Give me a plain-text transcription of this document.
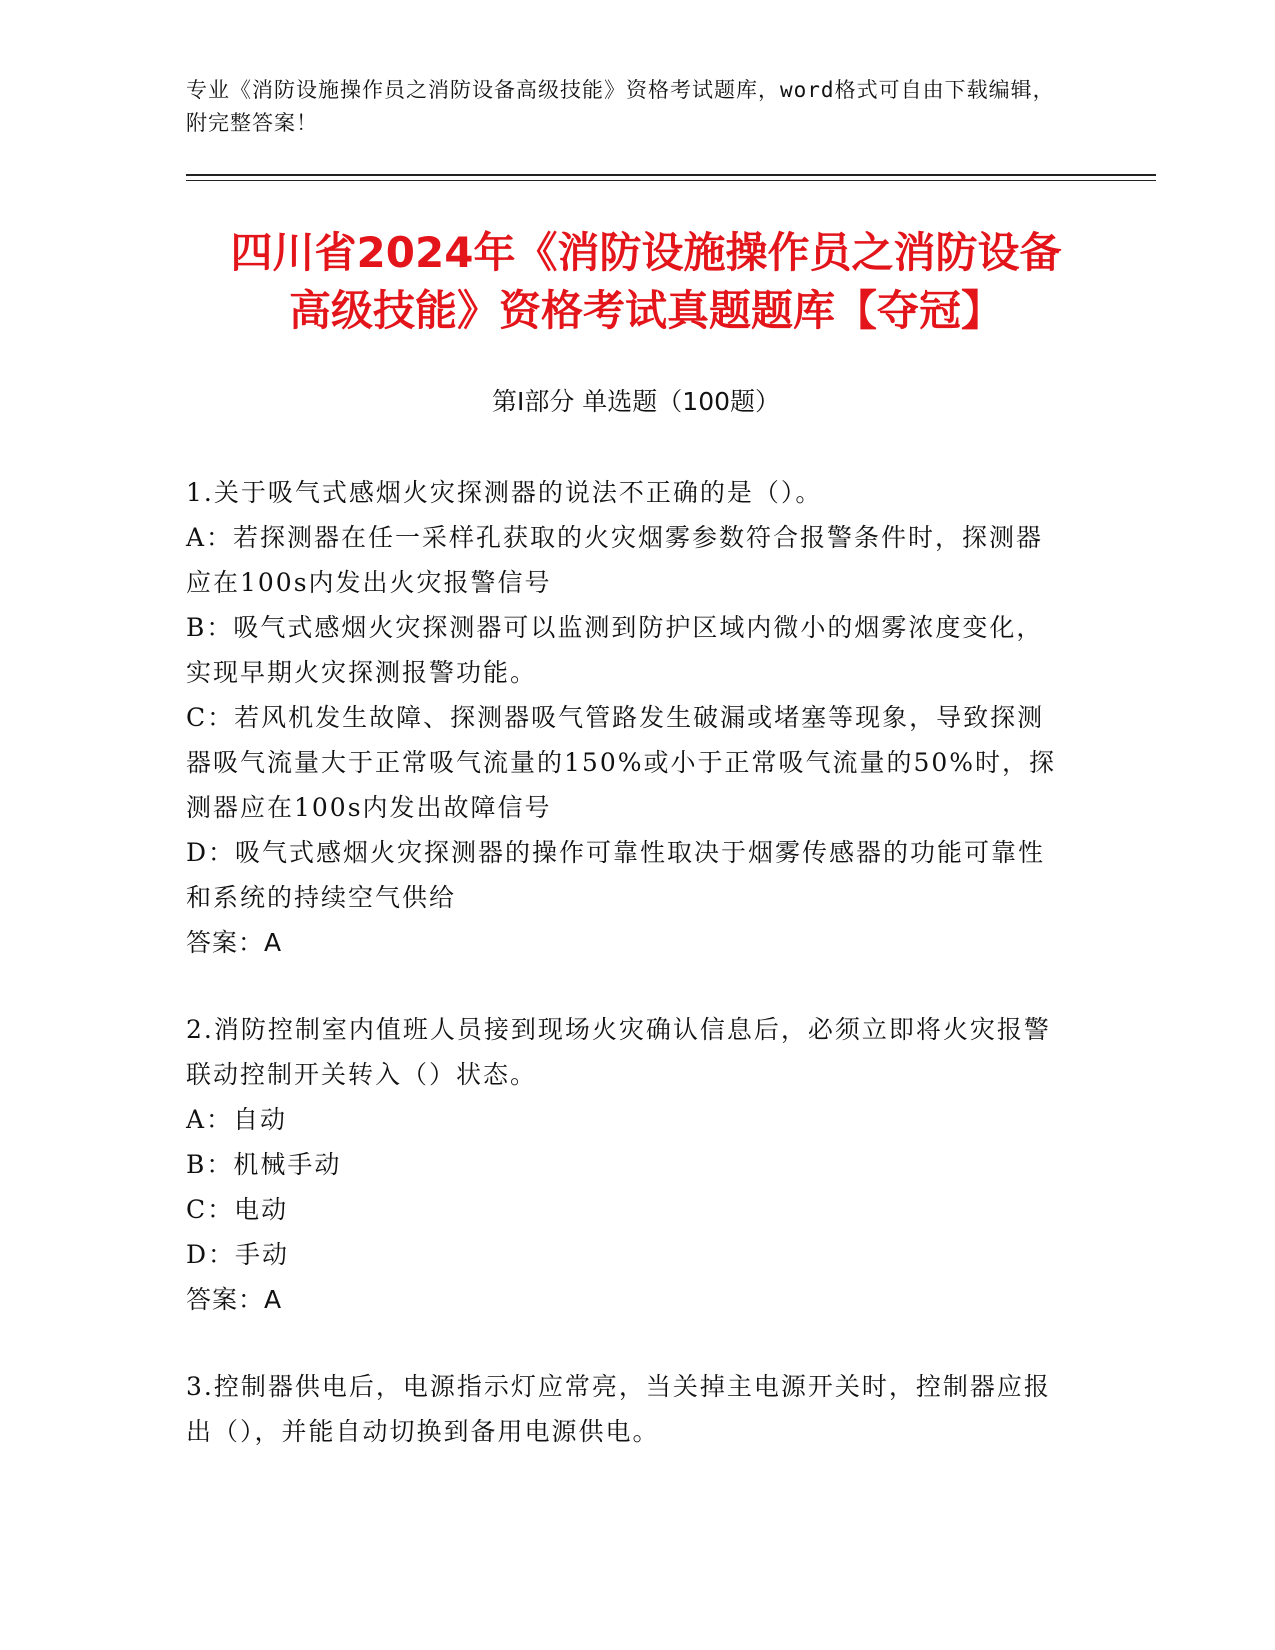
专业《消防设施操作员之消防设备高级技能》资格考试题库，word格式可自由下载编辑，附完整答案！
四川省2024年《消防设施操作员之消防设备
高级技能》资格考试真题题库【夺冠】
第I部分 单选题（100题）

1.关于吸气式感烟火灾探测器的说法不正确的是（）。

A：若探测器在任一采样孔获取的火灾烟雾参数符合报警条件时，探测器应在100s内发出火灾报警信号

B：吸气式感烟火灾探测器可以监测到防护区域内微小的烟雾浓度变化，实现早期火灾探测报警功能。

C：若风机发生故障、探测器吸气管路发生破漏或堵塞等现象，导致探测器吸气流量大于正常吸气流量的150%或小于正常吸气流量的50%时，探测器应在100s内发出故障信号

D：吸气式感烟火灾探测器的操作可靠性取决于烟雾传感器的功能可靠性和系统的持续空气供给

答案：A

2.消防控制室内值班人员接到现场火灾确认信息后，必须立即将火灾报警联动控制开关转入（）状态。

A：自动

B：机械手动

C：电动

D：手动

答案：A

3.控制器供电后，电源指示灯应常亮，当关掉主电源开关时，控制器应报出（），并能自动切换到备用电源供电。
